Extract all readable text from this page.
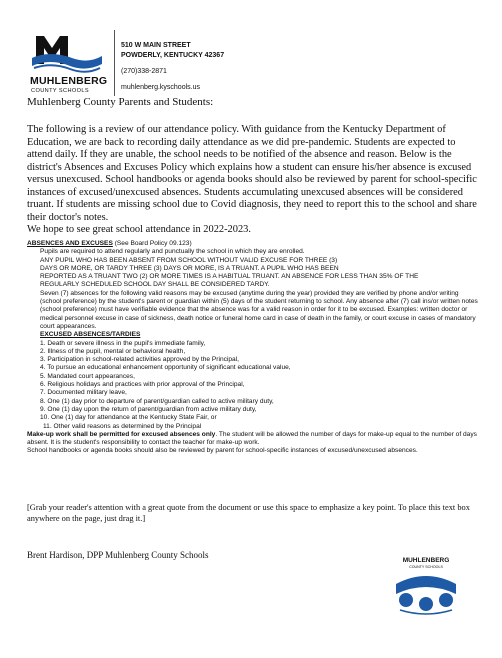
MUHLENBERG
COUNTY SCHOOLS
510 W MAIN STREET
POWDERLY, KENTUCKY 42367
(270)338-2871
muhlenberg.kyschools.us
Muhlenberg County Parents and Students:

The following is a review of our attendance policy. With guidance from the Kentucky Department of Education, we are back to recording daily attendance as we did pre-pandemic. Students are expected to attend daily. If they are unable, the school needs to be notified of the absence and reason. Below is the district's Absences and Excuses Policy which explains how a student can ensure his/her absence is excused versus unexcused. School handbooks or agenda books should also be reviewed by parent for school-specific instances of excused/unexcused absences. Students accumulating unexcused absences will be considered truant. If students are missing school due to Covid diagnosis, they need to report this to the school and share their doctor's notes.

We hope to see great school attendance in 2022-2023.

ABSENCES AND EXCUSES (See Board Policy 09.123)
Pupils are required to attend regularly and punctually the school in which they are enrolled.
ANY PUPIL WHO HAS BEEN ABSENT FROM SCHOOL WITHOUT VALID EXCUSE FOR THREE (3)
DAYS OR MORE, OR TARDY THREE (3) DAYS OR MORE, IS A TRUANT. A PUPIL WHO HAS BEEN
REPORTED AS A TRUANT TWO (2) OR MORE TIMES IS A HABITUAL TRUANT. AN ABSENCE FOR LESS THAN 35% OF THE
REGULARLY SCHEDULED SCHOOL DAY SHALL BE CONSIDERED TARDY.
Seven (7) absences for the following valid reasons may be excused (anytime during the year) provided they are verified by phone and/or writing (school preference) by the student's parent or guardian within (5) days of the student returning to school. Any absence after (7) call ins/or written notes (school preference) must have verifiable evidence that the absence was for a valid reason in order for it to be excused. Examples: written doctor or medical personnel excuse in case of sickness, death notice or funeral home card in case of death in the family, or court excuse in cases of mandatory court appearances.
EXCUSED ABSENCES/TARDIES
1. Death or severe illness in the pupil's immediate family,
2. Illness of the pupil, mental or behavioral health,
3. Participation in school-related activities approved by the Principal,
4. To pursue an educational enhancement opportunity of significant educational value,
5. Mandated court appearances,
6. Religious holidays and practices with prior approval of the Principal,
7. Documented military leave,
8. One (1) day prior to departure of parent/guardian called to active military duty,
9. One (1) day upon the return of parent/guardian from active military duty,
10. One (1) day for attendance at the Kentucky State Fair, or
11. Other valid reasons as determined by the Principal
Make-up work shall be permitted for excused absences only. The student will be allowed the number of days for make-up equal to the number of days absent. It is the student's responsibility to contact the teacher for make-up work.
School handbooks or agenda books should also be reviewed by parent for school-specific instances of excused/unexcused absences.
[Grab your reader's attention with a great quote from the document or use this space to emphasize a key point. To place this text box anywhere on the page, just drag it.]
Brent Hardison, DPP Muhlenberg County Schools
MUHLENBERG
COUNTY SCHOOLS
